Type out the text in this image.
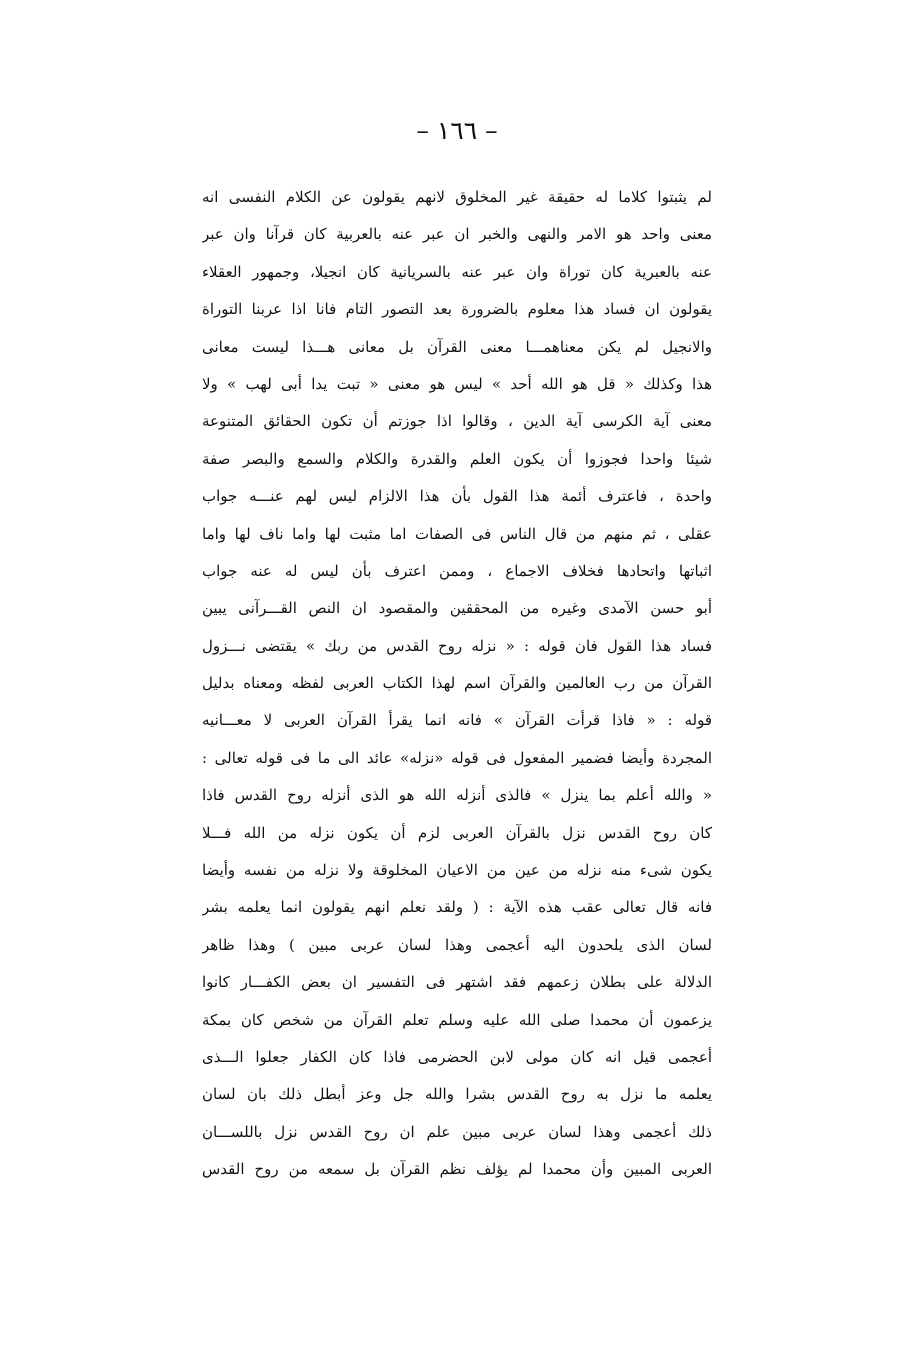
– ١٦٦ –
لم يثبتوا كلاما له حقيقة غير المخلوق لانهم يقولون عن الكلام النفسى انه
معنى واحد هو الامر والنهى والخبر ان عبر عنه بالعربية كان قرآنا وان عبر
عنه بالعبرية كان توراة وان عبر عنه بالسريانية كان انجيلا، وجمهور العقلاء
يقولون ان فساد هذا معلوم بالضرورة بعد التصور التام فانا اذا عربنا التوراة
والانجيل لم يكن معناهمـــا معنى القرآن بل معانى هـــذا ليست معانى
هذا وكذلك « قل هو الله أحد » ليس هو معنى « تبت يدا أبى لهب » ولا
معنى آية الكرسى آية الدين ، وقالوا اذا جوزتم أن تكون الحقائق المتنوعة
شيئا واحدا فجوزوا أن يكون العلم والقدرة والكلام والسمع والبصر صفة
واحدة ، فاعترف أئمة هذا القول بأن هذا الالزام ليس لهم عنـــه جواب
عقلى ، ثم منهم من قال الناس فى الصفات اما مثبت لها واما ناف لها واما
اثباتها واتحادها فخلاف الاجماع ، وممن اعترف بأن ليس له عنه جواب
أبو حسن الآمدى وغيره من المحققين والمقصود ان النص القـــرآنى يبين
فساد هذا القول فان قوله : « نزله روح القدس من ربك » يقتضى نـــزول
القرآن من رب العالمين والقرآن اسم لهذا الكتاب العربى لفظه ومعناه بدليل
قوله : « فاذا قرأت القرآن » فانه انما يقرأ القرآن العربى لا معـــانيه
المجردة وأيضا فضمير المفعول فى قوله «نزله» عائد الى ما فى قوله تعالى :
« والله أعلم بما ينزل » فالذى أنزله الله هو الذى أنزله روح القدس فاذا
كان روح القدس نزل بالقرآن العربى لزم أن يكون نزله من الله فـــلا
يكون شىء منه نزله من عين من الاعيان المخلوقة ولا نزله من نفسه وأيضا
فانه قال تعالى عقب هذه الآية : ( ولقد نعلم انهم يقولون انما يعلمه بشر
لسان الذى يلحدون اليه أعجمى وهذا لسان عربى مبين ) وهذا ظاهر
الدلالة على بطلان زعمهم فقد اشتهر فى التفسير ان بعض الكفـــار كانوا
يزعمون أن محمدا صلى الله عليه وسلم تعلم القرآن من شخص كان بمكة
أعجمى قيل انه كان مولى لابن الحضرمى فاذا كان الكفار جعلوا الـــذى
يعلمه ما نزل به روح القدس بشرا والله جل وعز أبطل ذلك بان لسان
ذلك أعجمى وهذا لسان عربى مبين علم ان روح القدس نزل باللســـان
العربى المبين وأن محمدا لم يؤلف نظم القرآن بل سمعه من روح القدس
